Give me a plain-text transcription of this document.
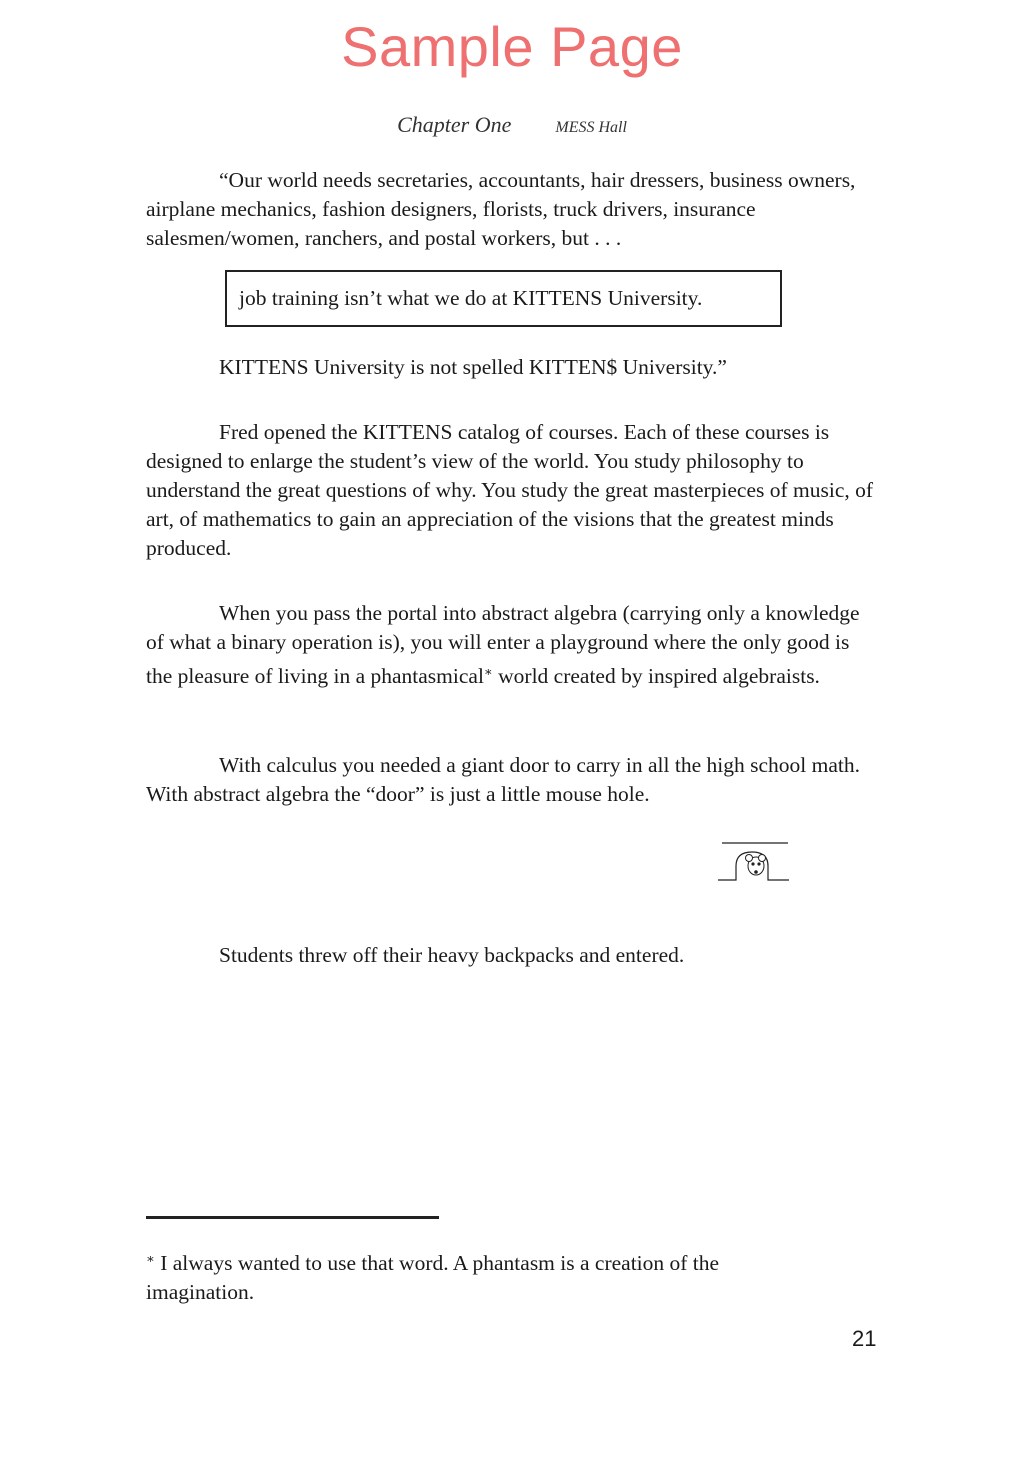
Sample Page
Chapter One	MESS Hall

“Our world needs secretaries, accountants, hair dressers, business owners, airplane mechanics, fashion designers, florists, truck drivers, insurance salesmen/women, ranchers, and postal workers, but . . .

job training isn’t what we do at KITTENS University.

KITTENS University is not spelled KITTEN$ University.”

Fred opened the KITTENS catalog of courses. Each of these courses is designed to enlarge the student’s view of the world. You study philosophy to understand the great questions of why. You study the great masterpieces of music, of art, of mathematics to gain an appreciation of the visions that the greatest minds produced.

When you pass the portal into abstract algebra (carrying only a knowledge of what a binary operation is), you will enter a playground where the only good is the pleasure of living in a phantasmical∗ world created by inspired algebraists.

With calculus you needed a giant door to carry in all the high school math. With abstract algebra the “door” is just a little mouse hole.

Students threw off their heavy backpacks and entered.

∗ I always wanted to use that word. A phantasm is a creation of the imagination.

21
